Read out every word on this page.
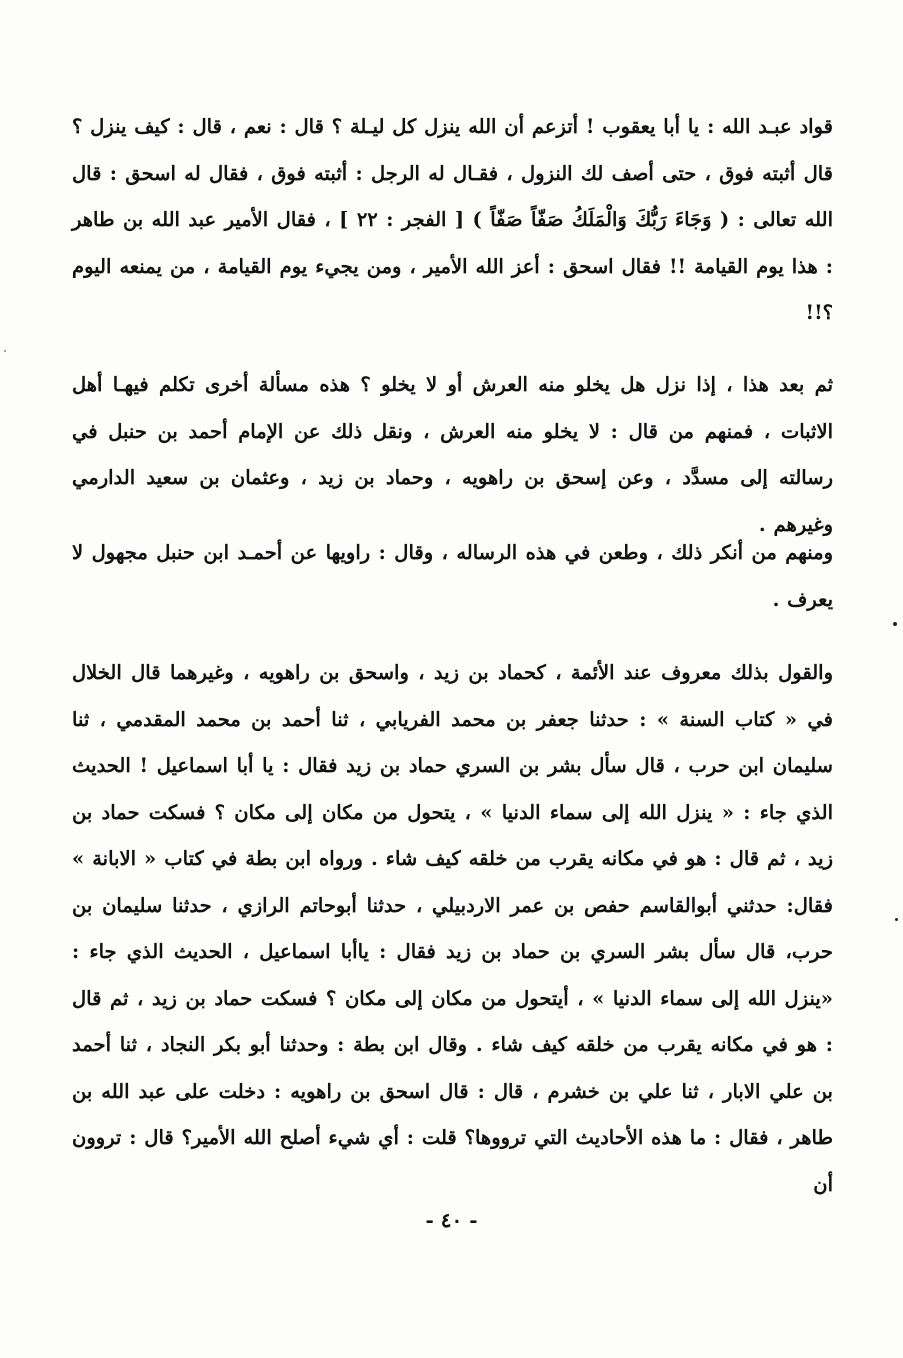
قواد عبـد الله : يا أبا يعقوب ! أتزعم أن الله ينزل كل ليـلة ؟ قال : نعم ، قال : كيف ينزل ؟ قال أثبته فوق ، حتى أصف لك النزول ، فقـال له الرجل : أثبته فوق ، فقال له اسحق : قال الله تعالى : ( وَجَاءَ رَبُّكَ وَالْمَلَكُ صَفّاً صَفّاً ) [ الفجر : ٢٢ ] ، فقال الأمير عبد الله بن طاهر : هذا يوم القيامة !! فقال اسحق : أعز الله الأمير ، ومن يجيء يوم القيامة ، من يمنعه اليوم ؟!!

ثم بعد هذا ، إذا نزل هل يخلو منه العرش أو لا يخلو ؟ هذه مسألة أخرى تكلم فيهـا أهل الاثبات ، فمنهم من قال : لا يخلو منه العرش ، ونقل ذلك عن الإمام أحمد بن حنبل في رسالته إلى مسدَّد ، وعن إسحق بن راهويه ، وحماد بن زيد ، وعثمان بن سعيد الدارمي وغيرهم .

ومنهم من أنكر ذلك ، وطعن في هذه الرساله ، وقال : راويها عن أحمـد ابن حنبل مجهول لا يعرف .

والقول بذلك معروف عند الأئمة ، كحماد بن زيد ، واسحق بن راهويه ، وغيرهما قال الخلال في « كتاب السنة » : حدثنا جعفر بن محمد الفريابي ، ثنا أحمد بن محمد المقدمي ، ثنا سليمان ابن حرب ، قال سأل بشر بن السري حماد بن زيد فقال : يا أبا اسماعيل ! الحديث الذي جاء : « ينزل الله إلى سماء الدنيا » ، يتحول من مكان إلى مكان ؟ فسكت حماد بن زيد ، ثم قال : هو في مكانه يقرب من خلقه كيف شاء . ورواه ابن بطة في كتاب « الابانة » فقال: حدثني أبوالقاسم حفص بن عمر الاردبيلي ، حدثنا أبوحاتم الرازي ، حدثنا سليمان بن حرب، قال سأل بشر السري بن حماد بن زيد فقال : ياأبا اسماعيل ، الحديث الذي جاء : «ينزل الله إلى سماء الدنيا » ، أيتحول من مكان إلى مكان ؟ فسكت حماد بن زيد ، ثم قال : هو في مكانه يقرب من خلقه كيف شاء . وقال ابن بطة : وحدثنا أبو بكر النجاد ، ثنا أحمد بن علي الابار ، ثنا علي بن خشرم ، قال : قال اسحق بن راهويه : دخلت على عبد الله بن طاهر ، فقال : ما هذه الأحاديث التي ترووها؟ قلت : أي شيء أصلح الله الأمير؟ قال : تروون أن

- ٤٠ -
